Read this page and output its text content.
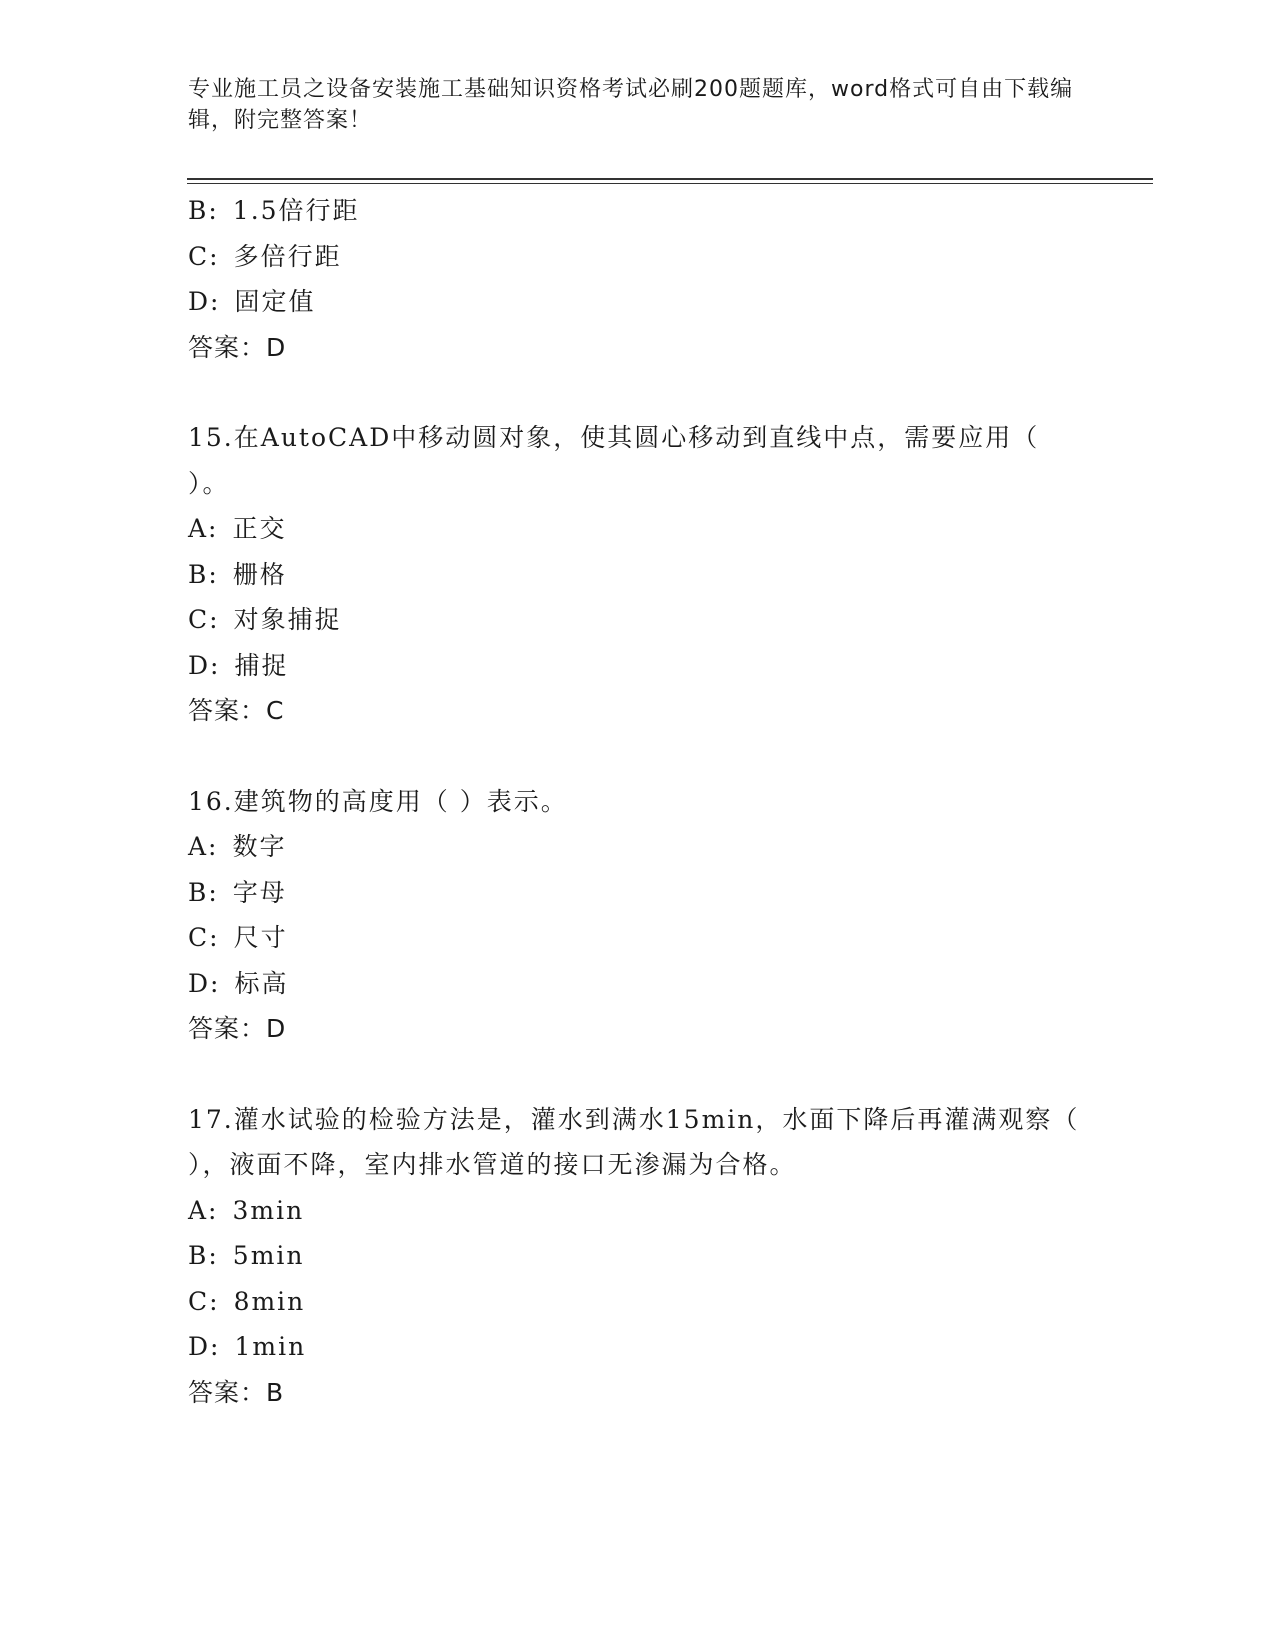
专业施工员之设备安装施工基础知识资格考试必刷200题题库，word格式可自由下载编辑，附完整答案！
B: 1.5倍行距
C: 多倍行距
D: 固定值
答案：D
15.在AutoCAD中移动圆对象，使其圆心移动到直线中点，需要应用（ ）。
A: 正交
B: 栅格
C: 对象捕捉
D: 捕捉
答案：C
16.建筑物的高度用（ ）表示。
A: 数字
B: 字母
C: 尺寸
D: 标高
答案：D
17.灌水试验的检验方法是，灌水到满水15min，水面下降后再灌满观察（ ），液面不降，室内排水管道的接口无渗漏为合格。
A: 3min
B: 5min
C: 8min
D: 1min
答案：B
